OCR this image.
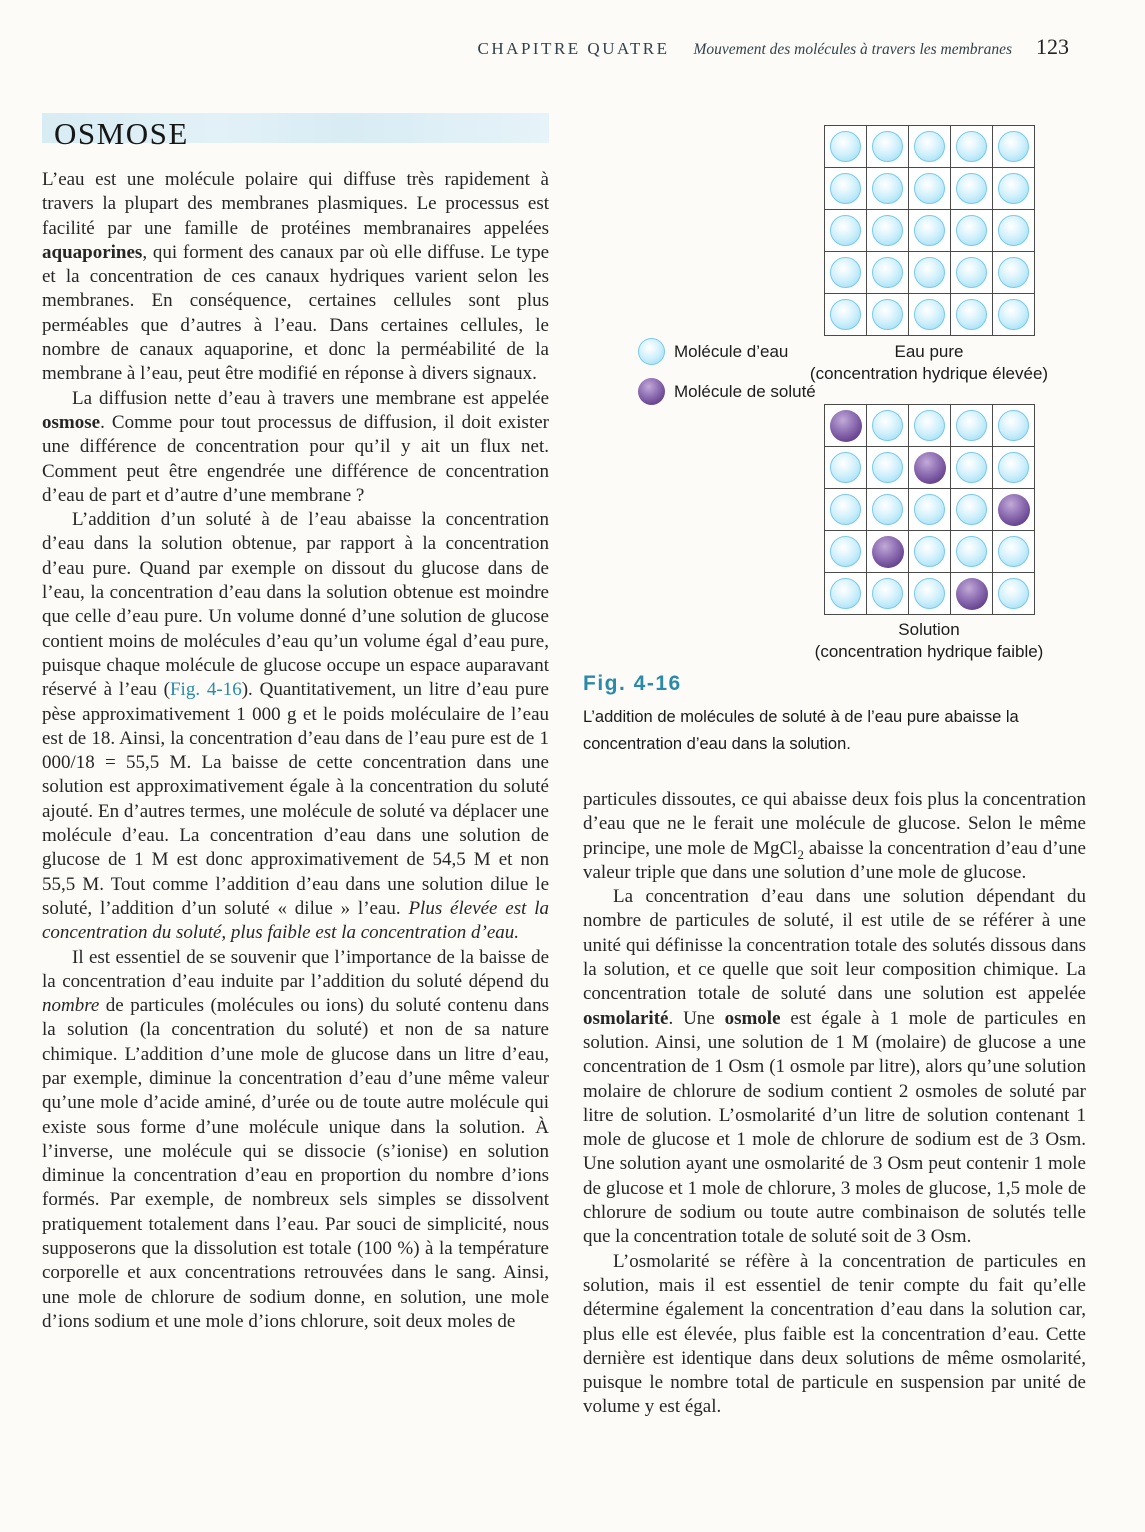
CHAPITRE QUATRE Mouvement des molécules à travers les membranes 123
OSMOSE

L’eau est une molécule polaire qui diffuse très rapidement à travers la plupart des membranes plasmiques. Le processus est facilité par une famille de protéines membranaires appelées aquaporines, qui forment des canaux par où elle diffuse. Le type et la concentration de ces canaux hydriques varient selon les membranes. En conséquence, certaines cellules sont plus perméables que d’autres à l’eau. Dans certaines cellules, le nombre de canaux aquaporine, et donc la perméabilité de la membrane à l’eau, peut être modifié en réponse à divers signaux.

La diffusion nette d’eau à travers une membrane est appelée osmose. Comme pour tout processus de diffusion, il doit exister une différence de concentration pour qu’il y ait un flux net. Comment peut être engendrée une différence de concentration d’eau de part et d’autre d’une membrane ?

L’addition d’un soluté à de l’eau abaisse la concentration d’eau dans la solution obtenue, par rapport à la concentration d’eau pure. Quand par exemple on dissout du glucose dans de l’eau, la concentration d’eau dans la solution obtenue est moindre que celle d’eau pure. Un volume donné d’une solution de glucose contient moins de molécules d’eau qu’un volume égal d’eau pure, puisque chaque molécule de glucose occupe un espace auparavant réservé à l’eau (Fig. 4-16). Quantitativement, un litre d’eau pure pèse approximativement 1 000 g et le poids moléculaire de l’eau est de 18. Ainsi, la concentration d’eau dans de l’eau pure est de 1 000/18 = 55,5 M. La baisse de cette concentration dans une solution est approximativement égale à la concentration du soluté ajouté. En d’autres termes, une molécule de soluté va déplacer une molécule d’eau. La concentration d’eau dans une solution de glucose de 1 M est donc approximativement de 54,5 M et non 55,5 M. Tout comme l’addition d’eau dans une solution dilue le soluté, l’addition d’un soluté « dilue » l’eau. Plus élevée est la concentration du soluté, plus faible est la concentration d’eau.

Il est essentiel de se souvenir que l’importance de la baisse de la concentration d’eau induite par l’addition du soluté dépend du nombre de particules (molécules ou ions) du soluté contenu dans la solution (la concentration du soluté) et non de sa nature chimique. L’addition d’une mole de glucose dans un litre d’eau, par exemple, diminue la concentration d’eau d’une même valeur qu’une mole d’acide aminé, d’urée ou de toute autre molécule qui existe sous forme d’une molécule unique dans la solution. À l’inverse, une molécule qui se dissocie (s’ionise) en solution diminue la concentration d’eau en proportion du nombre d’ions formés. Par exemple, de nombreux sels simples se dissolvent pratiquement totalement dans l’eau. Par souci de simplicité, nous supposerons que la dissolution est totale (100 %) à la température corporelle et aux concentrations retrouvées dans le sang. Ainsi, une mole de chlorure de sodium donne, en solution, une mole d’ions sodium et une mole d’ions chlorure, soit deux moles de

Molécule d’eau
Molécule de soluté
Eau pure
(concentration hydrique élevée)
Solution
(concentration hydrique faible)
Fig. 4-16
L’addition de molécules de soluté à de l’eau pure abaisse la concentration d’eau dans la solution.

particules dissoutes, ce qui abaisse deux fois plus la concentration d’eau que ne le ferait une molécule de glucose. Selon le même principe, une mole de MgCl$_2$ abaisse la concentration d’eau d’une valeur triple que dans une solution d’une mole de glucose.

La concentration d’eau dans une solution dépendant du nombre de particules de soluté, il est utile de se référer à une unité qui définisse la concentration totale des solutés dissous dans la solution, et ce quelle que soit leur composition chimique. La concentration totale de soluté dans une solution est appelée osmolarité. Une osmole est égale à 1 mole de particules en solution. Ainsi, une solution de 1 M (molaire) de glucose a une concentration de 1 Osm (1 osmole par litre), alors qu’une solution molaire de chlorure de sodium contient 2 osmoles de soluté par litre de solution. L’osmolarité d’un litre de solution contenant 1 mole de glucose et 1 mole de chlorure de sodium est de 3 Osm. Une solution ayant une osmolarité de 3 Osm peut contenir 1 mole de glucose et 1 mole de chlorure, 3 moles de glucose, 1,5 mole de chlorure de sodium ou toute autre combinaison de solutés telle que la concentration totale de soluté soit de 3 Osm.

L’osmolarité se réfère à la concentration de particules en solution, mais il est essentiel de tenir compte du fait qu’elle détermine également la concentration d’eau dans la solution car, plus elle est élevée, plus faible est la concentration d’eau. Cette dernière est identique dans deux solutions de même osmolarité, puisque le nombre total de particule en suspension par unité de volume y est égal.
